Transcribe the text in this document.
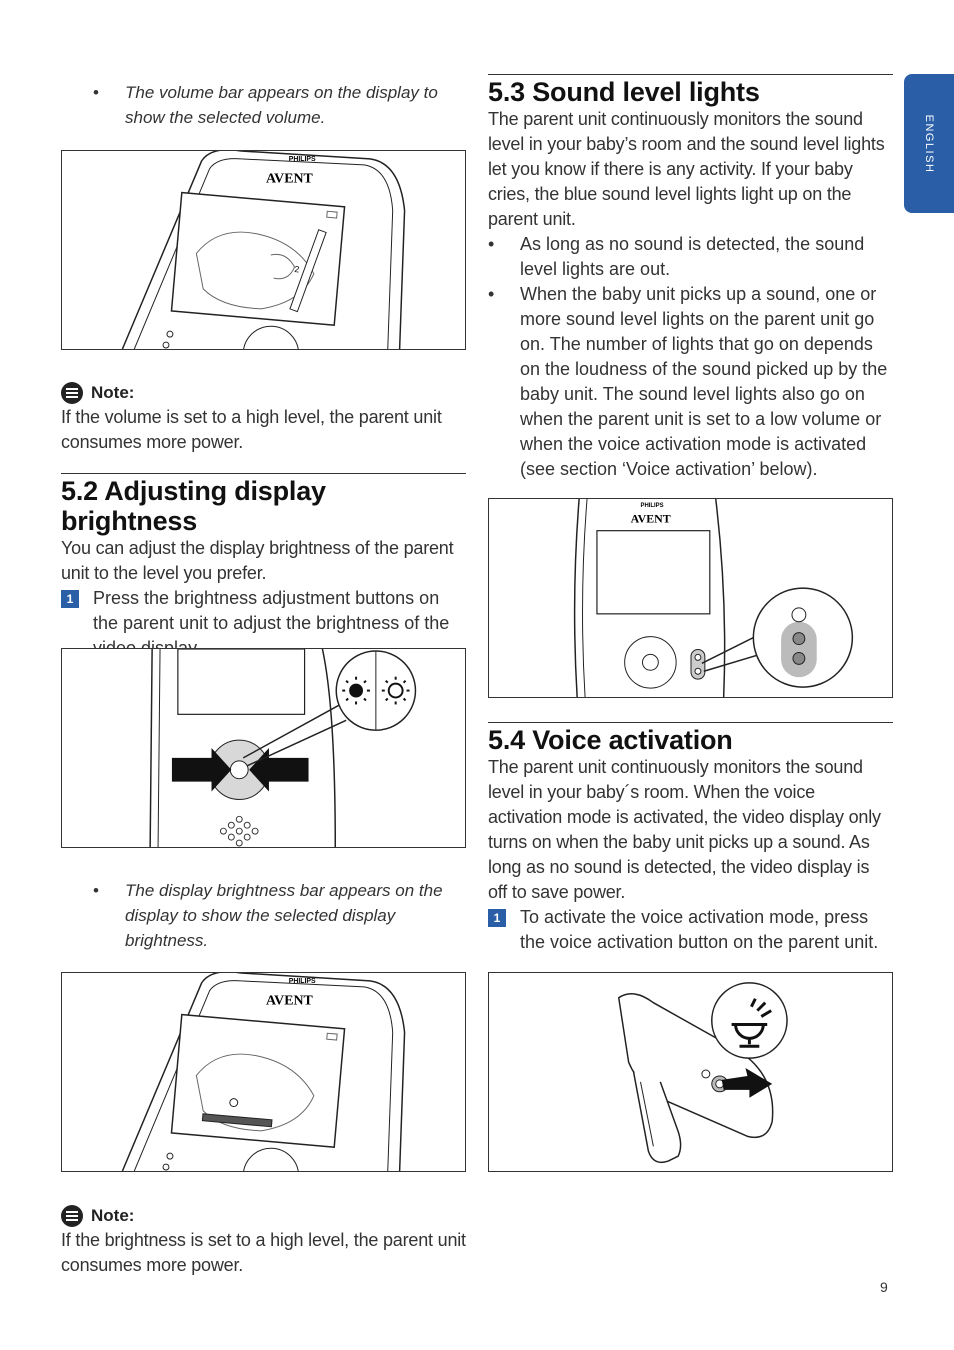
ENGLISH
• The volume bar appears on the display to show the selected volume.
PHILIPS
AVENT
2
Note:
If the volume is set to a high level, the parent unit consumes more power.
5.2 Adjusting display brightness
You can adjust the display brightness of the parent unit to the level you prefer.
1	Press the brightness adjustment buttons on the parent unit to adjust the brightness of the
• The display brightness bar appears on the display to show the selected display brightness.
PHILIPS
AVENT
Note:
If the brightness is set to a high level, the parent unit consumes more power.
5.3 Sound level lights
The parent unit continuously monitors the sound level in your baby’s room and the sound level lights let you know if there is any activity. If your baby cries, the blue sound level lights light up on the parent unit.
• As long as no sound is detected, the sound level lights are out.
• When the baby unit picks up a sound, one or more sound level lights on the parent unit go on. The number of lights that go on depends on the loudness of the sound picked up by the baby unit. The sound level lights also go on when the parent unit is set to a low volume or when the voice activation mode is activated (see section ‘Voice activation’ below).
PHILIPS
AVENT
5.4 Voice activation
The parent unit continuously monitors the sound level in your baby´s room. When the voice activation mode is activated, the video display only turns on when the baby unit picks up a sound. As long as no sound is detected, the video display is off to save power.
1	To activate the voice activation mode, press the voice activation button on the parent unit.
9
